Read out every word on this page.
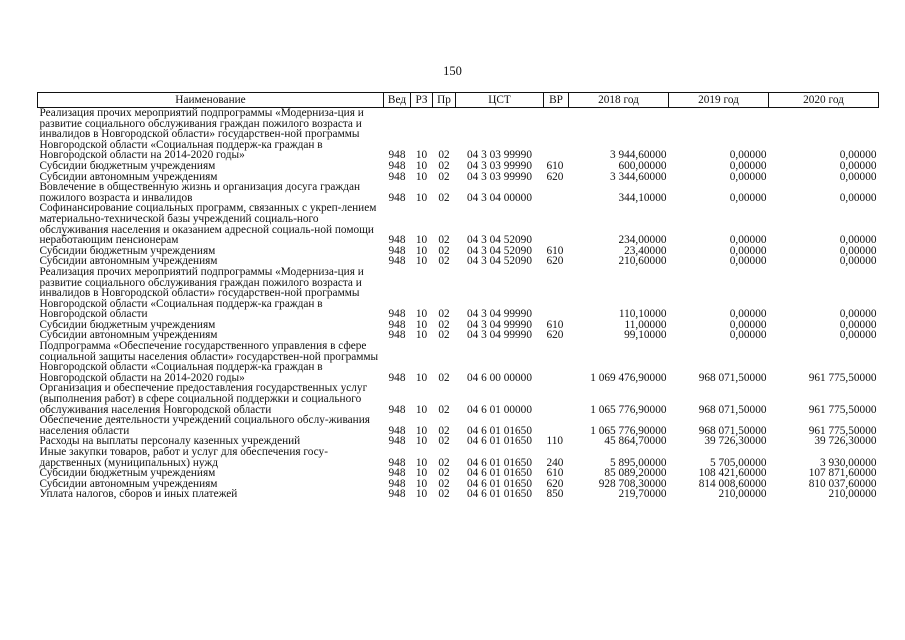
150
Наименование	Вед	РЗ	Пр	ЦСТ	ВР	2018 год	2019 год	2020 год
Реализация прочих мероприятий подпрограммы «Модерниза-ция и развитие социального обслуживания граждан пожилого возраста и инвалидов в Новгородской области» государствен-ной программы Новгородской области «Социальная поддерж-ка граждан в Новгородской области на 2014-2020 годы»	948	10	02	04 3 03 99990		3 944,60000	0,00000	0,00000
Субсидии бюджетным учреждениям	948	10	02	04 3 03 99990	610	600,00000	0,00000	0,00000
Субсидии автономным учреждениям	948	10	02	04 3 03 99990	620	3 344,60000	0,00000	0,00000
Вовлечение в общественную жизнь и организация досуга граждан пожилого возраста и инвалидов	948	10	02	04 3 04 00000		344,10000	0,00000	0,00000
Софинансирование социальных программ, связанных с укреп-лением материально-технической базы учреждений социаль-ного обслуживания населения и оказанием адресной социаль-ной помощи неработающим пенсионерам	948	10	02	04 3 04 52090		234,00000	0,00000	0,00000
Субсидии бюджетным учреждениям	948	10	02	04 3 04 52090	610	23,40000	0,00000	0,00000
Субсидии автономным учреждениям	948	10	02	04 3 04 52090	620	210,60000	0,00000	0,00000
Реализация прочих мероприятий подпрограммы «Модерниза-ция и развитие социального обслуживания граждан пожилого возраста и инвалидов в Новгородской области» государствен-ной программы Новгородской области «Социальная поддерж-ка граждан в Новгородской области	948	10	02	04 3 04 99990		110,10000	0,00000	0,00000
Субсидии бюджетным учреждениям	948	10	02	04 3 04 99990	610	11,00000	0,00000	0,00000
Субсидии автономным учреждениям	948	10	02	04 3 04 99990	620	99,10000	0,00000	0,00000
Подпрограмма «Обеспечение государственного управления в сфере социальной защиты населения области» государствен-ной программы Новгородской области «Социальная поддерж-ка граждан в Новгородской области на 2014-2020 годы»	948	10	02	04 6 00 00000		1 069 476,90000	968 071,50000	961 775,50000
Организация и обеспечение предоставления государственных услуг (выполнения работ) в сфере социальной поддержки и социального обслуживания населения Новгородской области	948	10	02	04 6 01 00000		1 065 776,90000	968 071,50000	961 775,50000
Обеспечение деятельности учреждений социального обслу-живания населения области	948	10	02	04 6 01 01650		1 065 776,90000	968 071,50000	961 775,50000
Расходы на выплаты персоналу казенных учреждений	948	10	02	04 6 01 01650	110	45 864,70000	39 726,30000	39 726,30000
Иные закупки товаров, работ и услуг для обеспечения госу-дарственных (муниципальных) нужд	948	10	02	04 6 01 01650	240	5 895,00000	5 705,00000	3 930,00000
Субсидии бюджетным учреждениям	948	10	02	04 6 01 01650	610	85 089,20000	108 421,60000	107 871,60000
Субсидии автономным учреждениям	948	10	02	04 6 01 01650	620	928 708,30000	814 008,60000	810 037,60000
Уплата налогов, сборов и иных платежей	948	10	02	04 6 01 01650	850	219,70000	210,00000	210,00000
